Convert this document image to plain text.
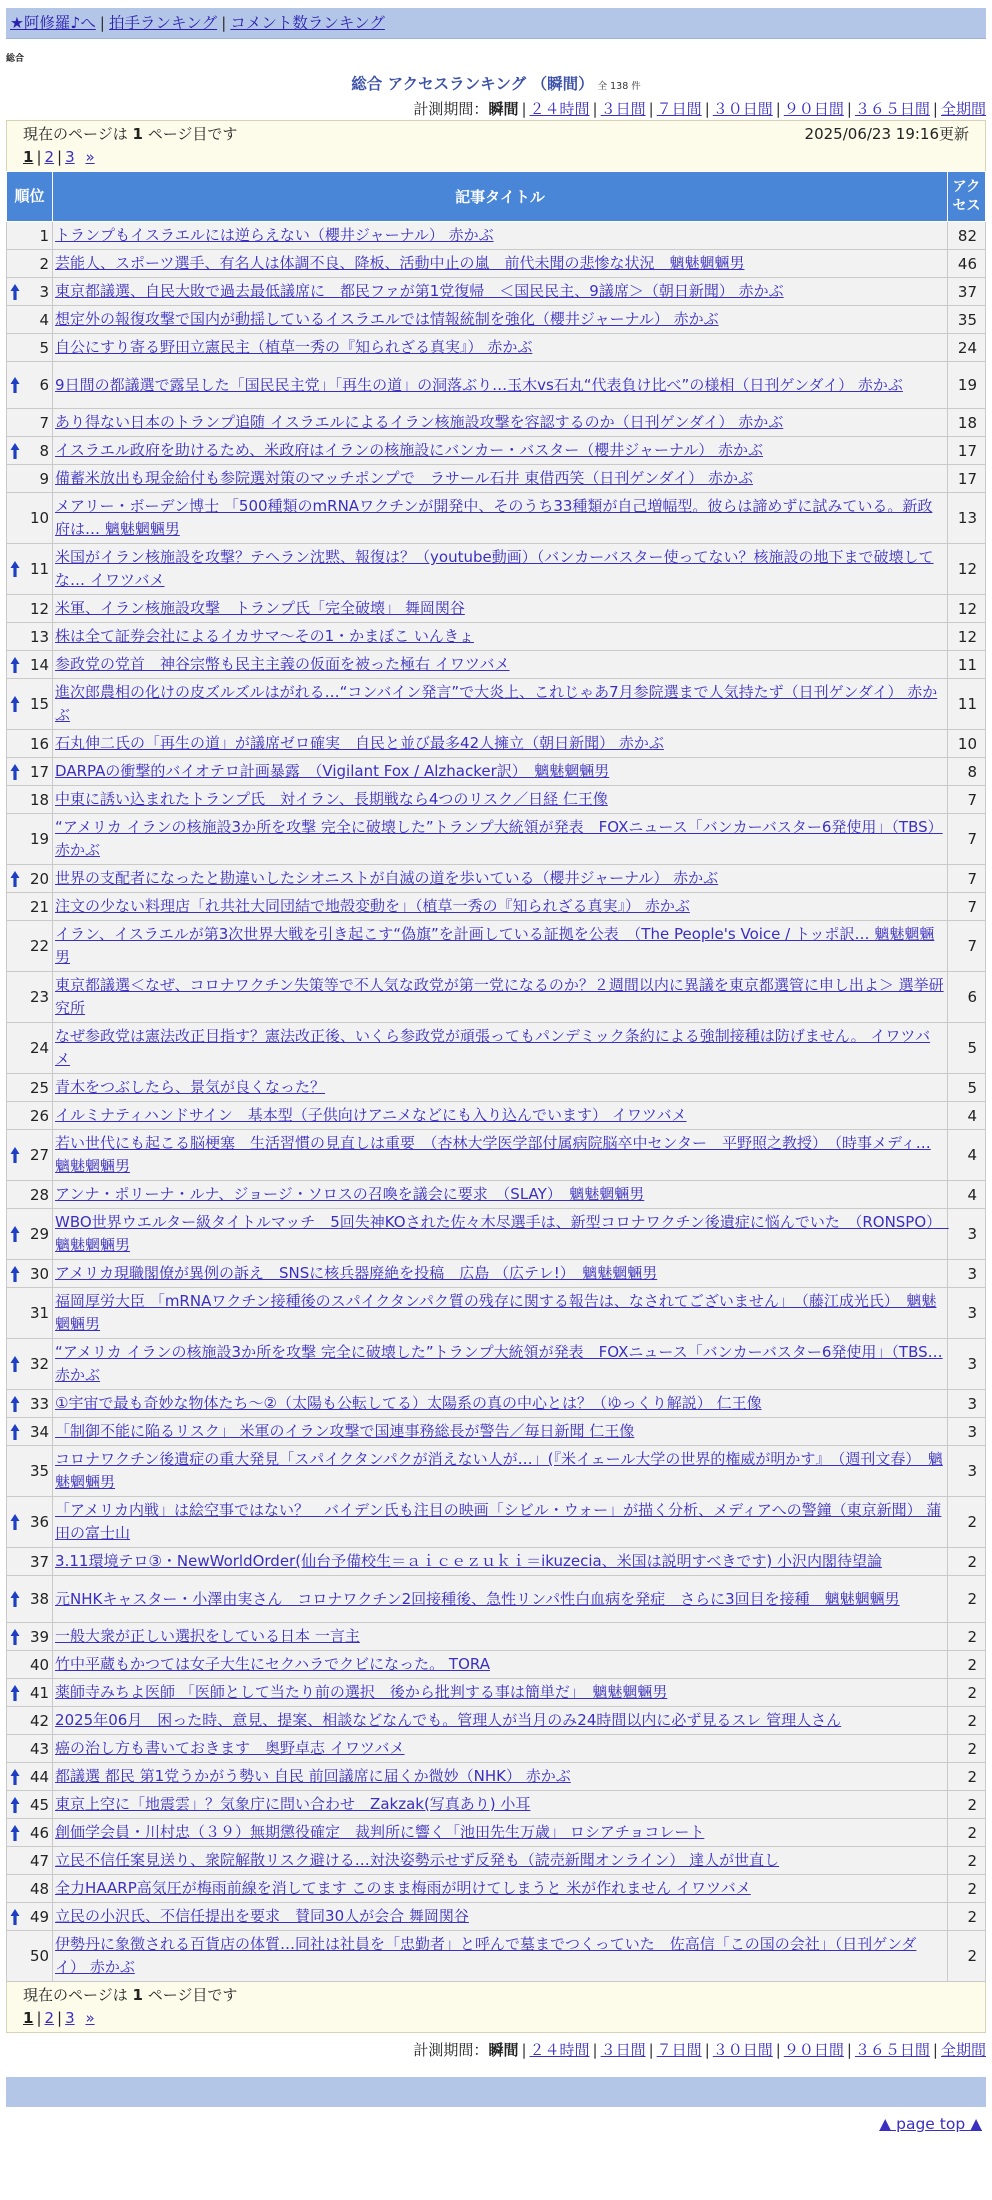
★阿修羅♪へ | 拍手ランキング | コメント数ランキング
総合
総合 アクセスランキング （瞬間） 全 138 件
計測期間：瞬間 | ２４時間 | ３日間 | ７日間 | ３０日間 | ９０日間 | ３６５日間 | 全期間
現在のページは 1 ページ目です	2025/06/23 19:16更新
1 | 2 | 3 »
順位	記事タイトル	アクセス
1	トランプもイスラエルには逆らえない（櫻井ジャーナル） 赤かぶ	82
2	芸能人、スポーツ選手、有名人は体調不良、降板、活動中止の嵐　前代未聞の悲惨な状況　魑魅魍魎男	46

3	東京都議選、自民大敗で過去最低議席に　都民ファが第1党復帰　＜国民民主、9議席＞（朝日新聞） 赤かぶ	37
4	想定外の報復攻撃で国内が動揺しているイスラエルでは情報統制を強化（櫻井ジャーナル） 赤かぶ	35
5	自公にすり寄る野田立憲民主（植草一秀の『知られざる真実』） 赤かぶ	24

6	9日間の都議選で露呈した「国民民主党」「再生の道」の洞落ぶり…玉木vs石丸“代表負け比べ”の様相（日刊ゲンダイ） 赤かぶ	19
7	あり得ない日本のトランプ追随 イスラエルによるイラン核施設攻撃を容認するのか（日刊ゲンダイ） 赤かぶ	18

8	イスラエル政府を助けるため、米政府はイランの核施設にバンカー・バスター（櫻井ジャーナル） 赤かぶ	17
9	備蓄米放出も現金給付も参院選対策のマッチポンプで　ラサール石井 東借西笑（日刊ゲンダイ） 赤かぶ	17
10	メアリー・ボーデン博士 「500種類のmRNAワクチンが開発中、そのうち33種類が自己増幅型。彼らは諦めずに試みている。新政府は… 魑魅魍魎男	13

11	米国がイラン核施設を攻撃？テヘラン沈黙、報復は？（youtube動画）（バンカーバスター使ってない？核施設の地下まで破壊してな… イワツバメ	12
12	米軍、イラン核施設攻撃　トランプ氏「完全破壊」 舞岡関谷	12
13	株は全て証券会社によるイカサマ〜その1・かまぼこ いんきょ	12

14	参政党の党首　神谷宗幣も民主主義の仮面を被った極右 イワツバメ	11

15	進次郎農相の化けの皮ズルズルはがれる…“コンバイン発言”で大炎上、これじゃあ7月参院選まで人気持たず（日刊ゲンダイ） 赤かぶ	11
16	石丸伸二氏の「再生の道」が議席ゼロ確実　自民と並び最多42人擁立（朝日新聞） 赤かぶ	10

17	DARPAの衝撃的バイオテロ計画暴露　（Vigilant Fox / Alzhacker訳）　魑魅魍魎男	8
18	中東に誘い込まれたトランプ氏　対イラン、長期戦なら4つのリスク／日経 仁王像	7
19	“アメリカ イランの核施設3か所を攻撃 完全に破壊した”トランプ大統領が発表　FOXニュース「バンカーバスター6発使用」（TBS） 赤かぶ	7

20	世界の支配者になったと勘違いしたシオニストが自滅の道を歩いている（櫻井ジャーナル） 赤かぶ	7
21	注文の少ない料理店「れ共社大同団結で地殻変動を」（植草一秀の『知られざる真実』） 赤かぶ	7
22	イラン、イスラエルが第3次世界大戦を引き起こす“偽旗”を計画している証拠を公表　（The People's Voice / トッポ訳… 魑魅魍魎男	7
23	東京都議選＜なぜ、コロナワクチン失策等で不人気な政党が第一党になるのか？２週間以内に異議を東京都選管に申し出よ＞ 選挙研究所	6
24	なぜ参政党は憲法改正目指す？憲法改正後、いくら参政党が頑張ってもパンデミック条約による強制接種は防げません。 イワツバメ	5
25	青木をつぶしたら、景気が良くなった？	5
26	イルミナティハンドサイン　基本型（子供向けアニメなどにも入り込んでいます） イワツバメ	4

27	若い世代にも起こる脳梗塞　生活習慣の見直しは重要　（杏林大学医学部付属病院脳卒中センター　平野照之教授）　（時事メディ… 魑魅魍魎男	4
28	アンナ・ポリーナ・ルナ、ジョージ・ソロスの召喚を議会に要求　（SLAY）　魑魅魍魎男	4

29	WBO世界ウエルター級タイトルマッチ　5回失神KOされた佐々木尽選手は、新型コロナワクチン後遺症に悩んでいた　（RONSPO）　魑魅魍魎男	3

30	アメリカ現職閣僚が異例の訴え　SNSに核兵器廃絶を投稿　広島 （広テレ!）　魑魅魍魎男	3
31	福岡厚労大臣 「mRNAワクチン接種後のスパイクタンパク質の残存に関する報告は、なされてございません」　（藤江成光氏）　魑魅魍魎男	3

32	“アメリカ イランの核施設3か所を攻撃 完全に破壊した”トランプ大統領が発表　FOXニュース「バンカーバスター6発使用」（TBS… 赤かぶ	3

33	①宇宙で最も奇妙な物体たち〜②（太陽も公転してる）太陽系の真の中心とは？（ゆっくり解説） 仁王像	3

34	「制御不能に陥るリスク」 米軍のイラン攻撃で国連事務総長が警告／毎日新聞 仁王像	3
35	コロナワクチン後遺症の重大発見「スパイクタンパクが消えない人が…」(『米イェール大学の世界的権威が明かす』　（週刊文春）　魑魅魍魎男	3

36	「アメリカ内戦」は絵空事ではない？　バイデン氏も注目の映画「シビル・ウォー」が描く分析、メディアへの警鐘（東京新聞） 蒲田の富士山	2
37	3.11環境テロ③・NewWorldOrder(仙台予備校生＝ａｉｃｅｚｕｋｉ＝ikuzecia、米国は説明すべきです) 小沢内閣待望論	2

38	元NHKキャスター・小澤由実さん　コロナワクチン2回接種後、急性リンパ性白血病を発症　さらに3回目を接種　魑魅魍魎男	2

39	一般大衆が正しい選択をしている日本 一言主	2
40	竹中平蔵もかつては女子大生にセクハラでクビになった。 TORA	2

41	薬師寺みちよ医師 「医師として当たり前の選択　後から批判する事は簡単だ」　魑魅魍魎男	2
42	2025年06月　困った時、意見、提案、相談などなんでも。管理人が当月のみ24時間以内に必ず見るスレ 管理人さん	2
43	癌の治し方も書いておきます　奥野卓志 イワツバメ	2

44	都議選 都民 第1党うかがう勢い 自民 前回議席に届くか微妙（NHK） 赤かぶ	2

45	東京上空に「地震雲」？気象庁に問い合わせ　Zakzak(写真あり) 小耳	2

46	創価学会員・川村忠（３９）無期懲役確定　裁判所に響く「池田先生万歳」 ロシアチョコレート	2
47	立民不信任案見送り、衆院解散リスク避ける…対決姿勢示せず反発も（読売新聞オンライン） 達人が世直し	2
48	全力HAARP高気圧が梅雨前線を消してます このまま梅雨が明けてしまうと 米が作れません イワツバメ	2

49	立民の小沢氏、不信任提出を要求　賛同30人が会合 舞岡関谷	2
50	伊勢丹に象徴される百貨店の体質…同社は社員を「忠勤者」と呼んで墓までつくっていた　佐高信「この国の会社」（日刊ゲンダイ） 赤かぶ	2
現在のページは 1 ページ目です
1 | 2 | 3 »
計測期間：瞬間 | ２４時間 | ３日間 | ７日間 | ３０日間 | ９０日間 | ３６５日間 | 全期間
▲ page top ▲
